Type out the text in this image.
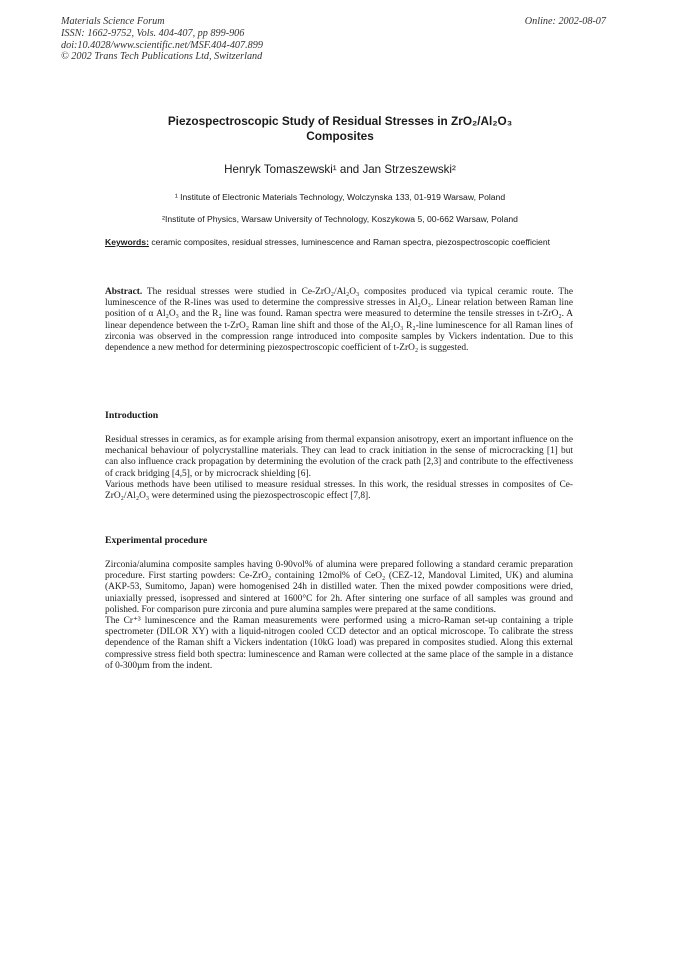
Materials Science Forum
ISSN: 1662-9752, Vols. 404-407, pp 899-906
doi:10.4028/www.scientific.net/MSF.404-407.899
© 2002 Trans Tech Publications Ltd, Switzerland
Online: 2002-08-07
Piezospectroscopic Study of Residual Stresses in ZrO₂/Al₂O₃
Composites
Henryk Tomaszewski¹ and Jan Strzeszewski²
¹ Institute of Electronic Materials Technology, Wolczynska 133, 01-919 Warsaw, Poland
²Institute of Physics, Warsaw University of Technology, Koszykowa 5, 00-662 Warsaw, Poland
Keywords: ceramic composites, residual stresses, luminescence and Raman spectra, piezospectroscopic coefficient

Abstract. The residual stresses were studied in Ce-ZrO₂/Al₂O₃ composites produced via typical ceramic route. The luminescence of the R-lines was used to determine the compressive stresses in Al₂O₃. Linear relation between Raman line position of α Al₂O₃ and the R₂ line was found. Raman spectra were measured to determine the tensile stresses in t-ZrO₂. A linear dependence between the t-ZrO₂ Raman line shift and those of the Al₂O₃ R₂-line luminescence for all Raman lines of zirconia was observed in the compression range introduced into composite samples by Vickers indentation. Due to this dependence a new method for determining piezospectroscopic coefficient of t-ZrO₂ is suggested.

Introduction

Residual stresses in ceramics, as for example arising from thermal expansion anisotropy, exert an important influence on the mechanical behaviour of polycrystalline materials. They can lead to crack initiation in the sense of microcracking [1] but can also influence crack propagation by determining the evolution of the crack path [2,3] and contribute to the effectiveness of crack bridging [4,5], or by microcrack shielding [6].

Various methods have been utilised to measure residual stresses. In this work, the residual stresses in composites of Ce-ZrO₂/Al₂O₃ were determined using the piezospectroscopic effect [7,8].

Experimental procedure

Zirconia/alumina composite samples having 0-90vol% of alumina were prepared following a standard ceramic preparation procedure. First starting powders: Ce-ZrO₂ containing 12mol% of CeO₂ (CEZ-12, Mandoval Limited, UK) and alumina (AKP-53, Sumitomo, Japan) were homogenised 24h in distilled water. Then the mixed powder compositions were dried, uniaxially pressed, isopressed and sintered at 1600°C for 2h. After sintering one surface of all samples was ground and polished. For comparison pure zirconia and pure alumina samples were prepared at the same conditions.

The Cr⁺³ luminescence and the Raman measurements were performed using a micro-Raman set-up containing a triple spectrometer (DILOR XY) with a liquid-nitrogen cooled CCD detector and an optical microscope. To calibrate the stress dependence of the Raman shift a Vickers indentation (10kG load) was prepared in composites studied. Along this external compressive stress field both spectra: luminescence and Raman were collected at the same place of the sample in a distance of 0-300µm from the indent.
